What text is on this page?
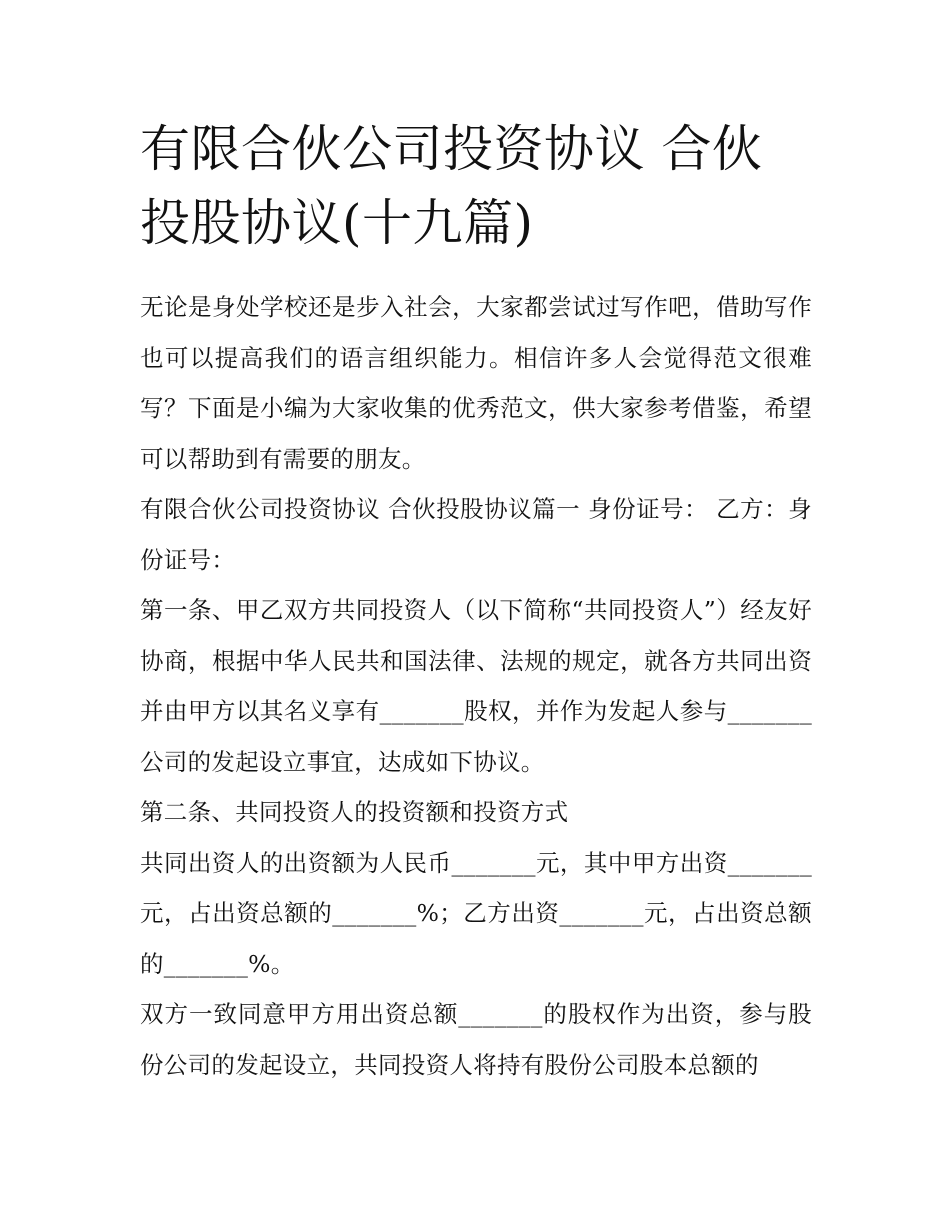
有限合伙公司投资协议 合伙投股协议(十九篇)

无论是身处学校还是步入社会，大家都尝试过写作吧，借助写作也可以提高我们的语言组织能力。相信许多人会觉得范文很难写？下面是小编为大家收集的优秀范文，供大家参考借鉴，希望可以帮助到有需要的朋友。

有限合伙公司投资协议 合伙投股协议篇一 身份证号： 乙方：身份证号：

第一条、甲乙双方共同投资人（以下简称“共同投资人”）经友好协商，根据中华人民共和国法律、法规的规定，就各方共同出资并由甲方以其名义享有_______股权，并作为发起人参与_______公司的发起设立事宜，达成如下协议。

第二条、共同投资人的投资额和投资方式

共同出资人的出资额为人民币_______元，其中甲方出资_______元，占出资总额的_______%；乙方出资_______元，占出资总额的_______%。

双方一致同意甲方用出资总额_______的股权作为出资，参与股份公司的发起设立，共同投资人将持有股份公司股本总额的
